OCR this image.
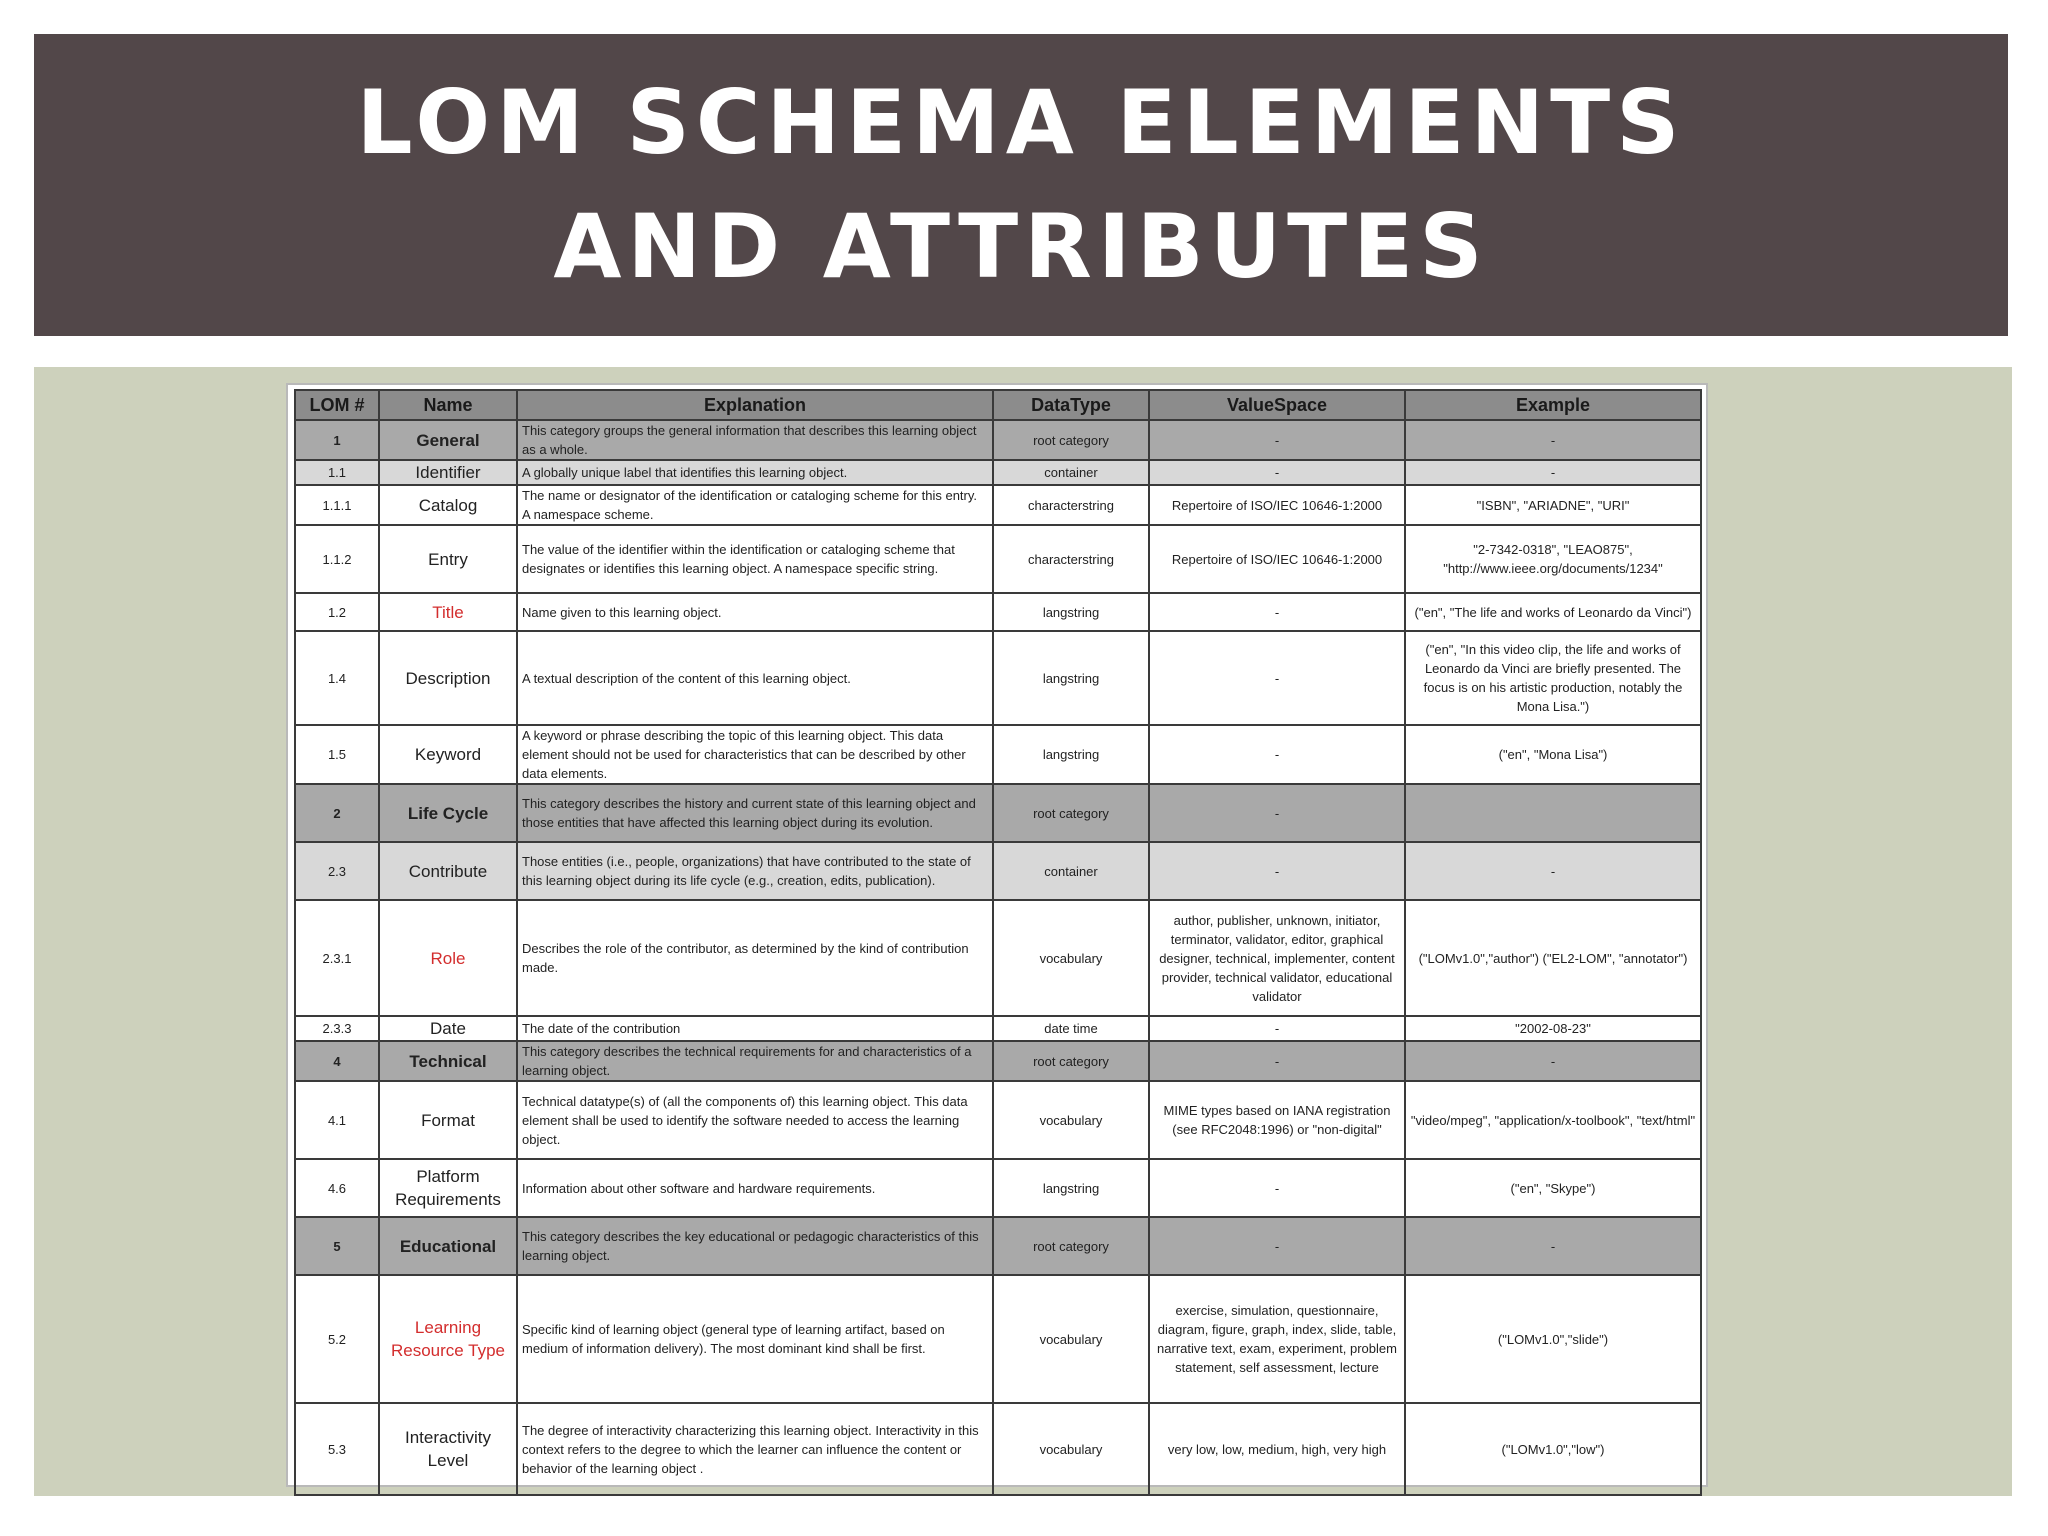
LOM SCHEMA ELEMENTS AND ATTRIBUTES
LOM #	Name	Explanation	DataType	ValueSpace	Example
1	General	This category groups the general information that describes this learning object as a whole.	root category	-	-
1.1	Identifier	A globally unique label that identifies this learning object.	container	-	-
1.1.1	Catalog	The name or designator of the identification or cataloging scheme for this entry. A namespace scheme.	characterstring	Repertoire of ISO/IEC 10646-1:2000	"ISBN", "ARIADNE", "URI"
1.1.2	Entry	The value of the identifier within the identification or cataloging scheme that designates or identifies this learning object. A namespace specific string.	characterstring	Repertoire of ISO/IEC 10646-1:2000	"2-7342-0318", "LEAO875", "http://www.ieee.org/documents/1234"
1.2	Title	Name given to this learning object.	langstring	-	("en", "The life and works of Leonardo da Vinci")
1.4	Description	A textual description of the content of this learning object.	langstring	-	("en", "In this video clip, the life and works of Leonardo da Vinci are briefly presented. The focus is on his artistic production, notably the Mona Lisa.")
1.5	Keyword	A keyword or phrase describing the topic of this learning object. This data element should not be used for characteristics that can be described by other data elements.	langstring	-	("en", "Mona Lisa")
2	Life Cycle	This category describes the history and current state of this learning object and those entities that have affected this learning object during its evolution.	root category	-	
2.3	Contribute	Those entities (i.e., people, organizations) that have contributed to the state of this learning object during its life cycle (e.g., creation, edits, publication).	container	-	-
2.3.1	Role	Describes the role of the contributor, as determined by the kind of contribution made.	vocabulary	author, publisher, unknown, initiator, terminator, validator, editor, graphical designer, technical, implementer, content provider, technical validator, educational validator	("LOMv1.0","author") ("EL2-LOM", "annotator")
2.3.3	Date	The date of the contribution	date time	-	"2002-08-23"
4	Technical	This category describes the technical requirements for and characteristics of a learning object.	root category	-	-
4.1	Format	Technical datatype(s) of (all the components of) this learning object. This data element shall be used to identify the software needed to access the learning object.	vocabulary	MIME types based on IANA registration (see RFC2048:1996) or "non-digital"	"video/mpeg", "application/x-toolbook", "text/html"
4.6	Platform Requirements	Information about other software and hardware requirements.	langstring	-	("en", "Skype")
5	Educational	This category describes the key educational or pedagogic characteristics of this learning object.	root category	-	-
5.2	Learning Resource Type	Specific kind of learning object (general type of learning artifact, based on medium of information delivery). The most dominant kind shall be first.	vocabulary	exercise, simulation, questionnaire, diagram, figure, graph, index, slide, table, narrative text, exam, experiment, problem statement, self assessment, lecture	("LOMv1.0","slide")
5.3	Interactivity Level	The degree of interactivity characterizing this learning object. Interactivity in this context refers to the degree to which the learner can influence the content or behavior of the learning object .	vocabulary	very low, low, medium, high, very high	("LOMv1.0","low")
